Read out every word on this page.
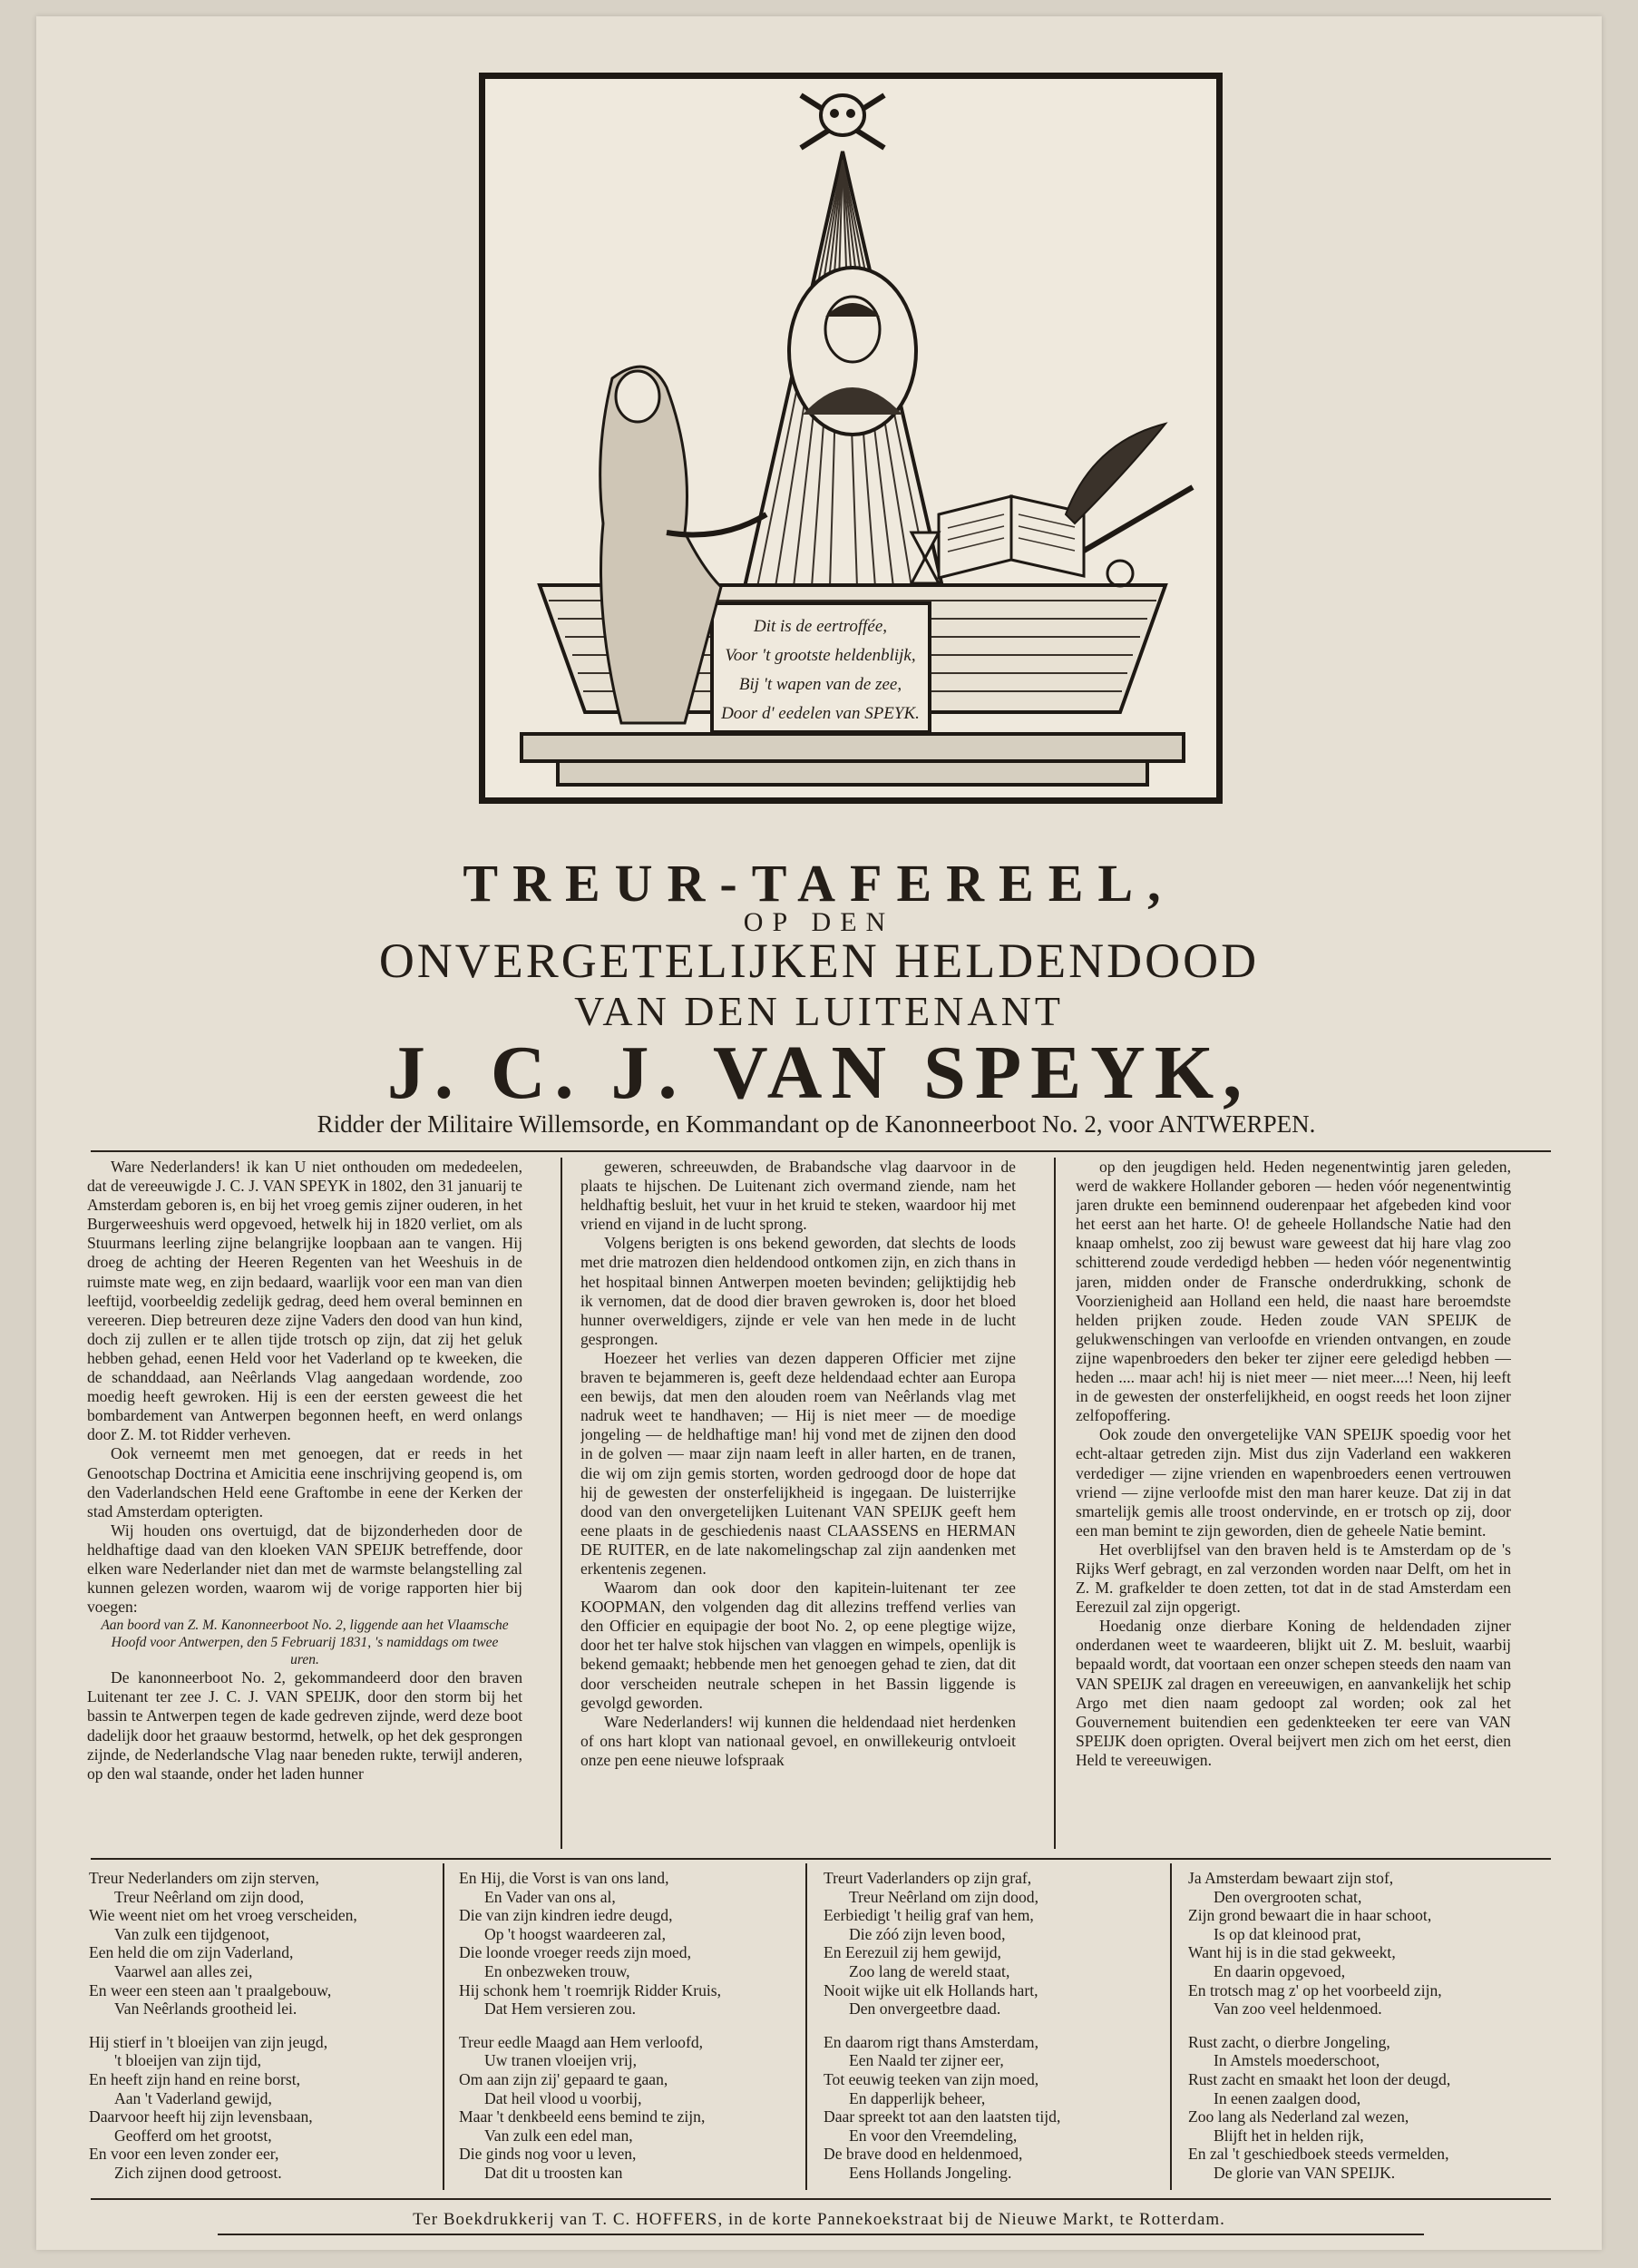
Dit is de eertroffée,
Voor 't grootste heldenblijk,
Bij 't wapen van de zee,
Door d' eedelen van SPEYK.
TREUR-TAFEREEL,
OP DEN
ONVERGETELIJKEN HELDENDOOD
VAN DEN LUITENANT
J. C. J. VAN SPEYK,
Ridder der Militaire Willemsorde, en Kommandant op de Kanonneerboot No. 2, voor ANTWERPEN.

Ware Nederlanders! ik kan U niet onthouden om mededeelen, dat de vereeuwigde J. C. J. VAN SPEYK in 1802, den 31 januarij te Amsterdam geboren is, en bij het vroeg gemis zijner ouderen, in het Burgerweeshuis werd opgevoed, hetwelk hij in 1820 verliet, om als Stuurmans leerling zijne belangrijke loopbaan aan te vangen. Hij droeg de achting der Heeren Regenten van het Weeshuis in de ruimste mate weg, en zijn bedaard, waarlijk voor een man van dien leeftijd, voorbeeldig zedelijk gedrag, deed hem overal beminnen en vereeren. Diep betreuren deze zijne Vaders den dood van hun kind, doch zij zullen er te allen tijde trotsch op zijn, dat zij het geluk hebben gehad, eenen Held voor het Vaderland op te kweeken, die de schanddaad, aan Neêrlands Vlag aangedaan wordende, zoo moedig heeft gewroken. Hij is een der eersten geweest die het bombardement van Antwerpen begonnen heeft, en werd onlangs door Z. M. tot Ridder verheven.

Ook verneemt men met genoegen, dat er reeds in het Genootschap Doctrina et Amicitia eene inschrijving geopend is, om den Vaderlandschen Held eene Graftombe in eene der Kerken der stad Amsterdam opterigten.

Wij houden ons overtuigd, dat de bijzonderheden door de heldhaftige daad van den kloeken VAN SPEIJK betreffende, door elken ware Nederlander niet dan met de warmste belangstelling zal kunnen gelezen worden, waarom wij de vorige rapporten hier bij voegen:

Aan boord van Z. M. Kanonneerboot No. 2, liggende aan het Vlaamsche Hoofd voor Antwerpen, den 5 Februarij 1831, 's namiddags om twee uren.

De kanonneerboot No. 2, gekommandeerd door den braven Luitenant ter zee J. C. J. VAN SPEIJK, door den storm bij het bassin te Antwerpen tegen de kade gedreven zijnde, werd deze boot dadelijk door het graauw bestormd, hetwelk, op het dek gesprongen zijnde, de Nederlandsche Vlag naar beneden rukte, terwijl anderen, op den wal staande, onder het laden hunner

geweren, schreeuwden, de Brabandsche vlag daarvoor in de plaats te hijschen. De Luitenant zich overmand ziende, nam het heldhaftig besluit, het vuur in het kruid te steken, waardoor hij met vriend en vijand in de lucht sprong.

Volgens berigten is ons bekend geworden, dat slechts de loods met drie matrozen dien heldendood ontkomen zijn, en zich thans in het hospitaal binnen Antwerpen moeten bevinden; gelijktijdig heb ik vernomen, dat de dood dier braven gewroken is, door het bloed hunner overweldigers, zijnde er vele van hen mede in de lucht gesprongen.

Hoezeer het verlies van dezen dapperen Officier met zijne braven te bejammeren is, geeft deze heldendaad echter aan Europa een bewijs, dat men den alouden roem van Neêrlands vlag met nadruk weet te handhaven; — Hij is niet meer — de moedige jongeling — de heldhaftige man! hij vond met de zijnen den dood in de golven — maar zijn naam leeft in aller harten, en de tranen, die wij om zijn gemis storten, worden gedroogd door de hope dat hij de gewesten der onsterfelijkheid is ingegaan. De luisterrijke dood van den onvergetelijken Luitenant VAN SPEIJK geeft hem eene plaats in de geschiedenis naast CLAASSENS en HERMAN DE RUITER, en de late nakomelingschap zal zijn aandenken met erkentenis zegenen.

Waarom dan ook door den kapitein-luitenant ter zee KOOPMAN, den volgenden dag dit allezins treffend verlies van den Officier en equipagie der boot No. 2, op eene plegtige wijze, door het ter halve stok hijschen van vlaggen en wimpels, openlijk is bekend gemaakt; hebbende men het genoegen gehad te zien, dat dit door verscheiden neutrale schepen in het Bassin liggende is gevolgd geworden.

Ware Nederlanders! wij kunnen die heldendaad niet herdenken of ons hart klopt van nationaal gevoel, en onwillekeurig ontvloeit onze pen eene nieuwe lofspraak

op den jeugdigen held. Heden negenentwintig jaren geleden, werd de wakkere Hollander geboren — heden vóór negenentwintig jaren drukte een beminnend ouderenpaar het afgebeden kind voor het eerst aan het harte. O! de geheele Hollandsche Natie had den knaap omhelst, zoo zij bewust ware geweest dat hij hare vlag zoo schitterend zoude verdedigd hebben — heden vóór negenentwintig jaren, midden onder de Fransche onderdrukking, schonk de Voorzienigheid aan Holland een held, die naast hare beroemdste helden prijken zoude. Heden zoude VAN SPEIJK de gelukwenschingen van verloofde en vrienden ontvangen, en zoude zijne wapenbroeders den beker ter zijner eere geledigd hebben — heden .... maar ach! hij is niet meer — niet meer....! Neen, hij leeft in de gewesten der onsterfelijkheid, en oogst reeds het loon zijner zelfopoffering.

Ook zoude den onvergetelijke VAN SPEIJK spoedig voor het echt-altaar getreden zijn. Mist dus zijn Vaderland een wakkeren verdediger — zijne vrienden en wapenbroeders eenen vertrouwen vriend — zijne verloofde mist den man harer keuze. Dat zij in dat smartelijk gemis alle troost ondervinde, en er trotsch op zij, door een man bemint te zijn geworden, dien de geheele Natie bemint.

Het overblijfsel van den braven held is te Amsterdam op de 's Rijks Werf gebragt, en zal verzonden worden naar Delft, om het in Z. M. grafkelder te doen zetten, tot dat in de stad Amsterdam een Eerezuil zal zijn opgerigt.

Hoedanig onze dierbare Koning de heldendaden zijner onderdanen weet te waardeeren, blijkt uit Z. M. besluit, waarbij bepaald wordt, dat voortaan een onzer schepen steeds den naam van VAN SPEIJK zal dragen en vereeuwigen, en aanvankelijk het schip Argo met dien naam gedoopt zal worden; ook zal het Gouvernement buitendien een gedenkteeken ter eere van VAN SPEIJK doen oprigten. Overal beijvert men zich om het eerst, dien Held te vereeuwigen.

Treur Nederlanders om zijn sterven,
Treur Neêrland om zijn dood,
Wie weent niet om het vroeg verscheiden,
Van zulk een tijdgenoot,
Een held die om zijn Vaderland,
Vaarwel aan alles zei,
En weer een steen aan 't praalgebouw,
Van Neêrlands grootheid lei.
Hij stierf in 't bloeijen van zijn jeugd,
't bloeijen van zijn tijd,
En heeft zijn hand en reine borst,
Aan 't Vaderland gewijd,
Daarvoor heeft hij zijn levensbaan,
Geofferd om het grootst,
En voor een leven zonder eer,
Zich zijnen dood getroost.
En Hij, die Vorst is van ons land,
En Vader van ons al,
Die van zijn kindren iedre deugd,
Op 't hoogst waardeeren zal,
Die loonde vroeger reeds zijn moed,
En onbezweken trouw,
Hij schonk hem 't roemrijk Ridder Kruis,
Dat Hem versieren zou.
Treur eedle Maagd aan Hem verloofd,
Uw tranen vloeijen vrij,
Om aan zijn zij' gepaard te gaan,
Dat heil vlood u voorbij,
Maar 't denkbeeld eens bemind te zijn,
Van zulk een edel man,
Die ginds nog voor u leven,
Dat dit u troosten kan
Treurt Vaderlanders op zijn graf,
Treur Neêrland om zijn dood,
Eerbiedigt 't heilig graf van hem,
Die zóó zijn leven bood,
En Eerezuil zij hem gewijd,
Zoo lang de wereld staat,
Nooit wijke uit elk Hollands hart,
Den onvergeetbre daad.
En daarom rigt thans Amsterdam,
Een Naald ter zijner eer,
Tot eeuwig teeken van zijn moed,
En dapperlijk beheer,
Daar spreekt tot aan den laatsten tijd,
En voor den Vreemdeling,
De brave dood en heldenmoed,
Eens Hollands Jongeling.
Ja Amsterdam bewaart zijn stof,
Den overgrooten schat,
Zijn grond bewaart die in haar schoot,
Is op dat kleinood prat,
Want hij is in die stad gekweekt,
En daarin opgevoed,
En trotsch mag z' op het voorbeeld zijn,
Van zoo veel heldenmoed.
Rust zacht, o dierbre Jongeling,
In Amstels moederschoot,
Rust zacht en smaakt het loon der deugd,
In eenen zaalgen dood,
Zoo lang als Nederland zal wezen,
Blijft het in helden rijk,
En zal 't geschiedboek steeds vermelden,
De glorie van VAN SPEIJK.
Ter Boekdrukkerij van T. C. HOFFERS, in de korte Pannekoekstraat bij de Nieuwe Markt, te Rotterdam.
